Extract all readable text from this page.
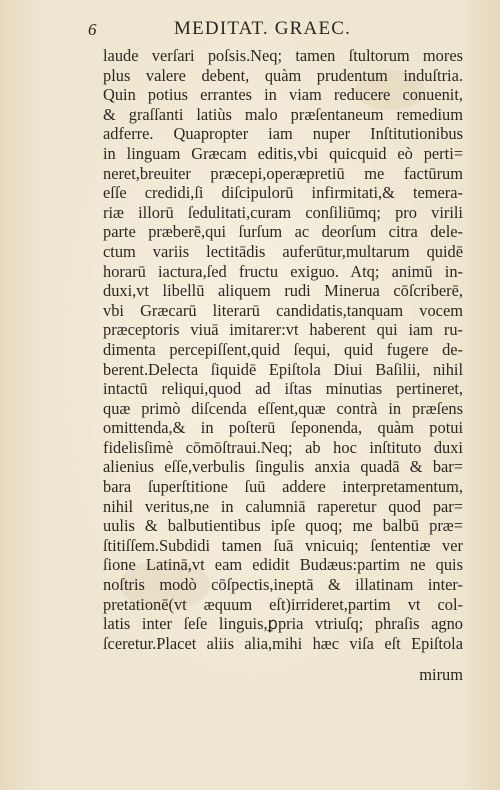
6	MEDITAT. GRAEC.
laude verſari poſsis.Neq; tamen ſtultorum mores
plus valere debent, quàm prudentum induſtria.
Quin potius errantes in viam reducere conuenit,
& graſſanti latiùs malo præſentaneum remedium
adferre. Quapropter iam nuper Inſtitutionibus
in linguam Græcam editis,vbi quicquid eò perti=
neret,breuiter præcepi,operæpretiū me factūrum
eſſe credidi,ſi diſcipulorū infirmitati,& temera-
riæ illorū ſedulitati,curam conſiliūmq; pro virili
parte præberē,qui ſurſum ac deorſum citra dele-
ctum variis lectitādis auferūtur,multarum quidē
horarū iactura,ſed fructu exiguo. Atq; animū in-
duxi,vt libellū aliquem rudi Mineruа cōſcriberē,
vbi Græcarū literarū candidatis,tanquam vocem
præceptoris viuā imitarer:vt haberent qui iam ru-
dimenta percepiſſent,quid ſequi, quid fugere de-
berent.Delecta ſiquidē Epiſtola Diui Baſilii, nihil
intactū reliqui,quod ad iſtas minutias pertineret,
quæ primò diſcenda eſſent,quæ contrà in præſens
omittenda,& in poſterū ſeponenda, quàm potui
fidelisſimè cōmōſtraui.Neq; ab hoc inſtituto duxi
alienius eſſe,verbulis ſingulis anxia quadā & bar=
bara ſuperſtitione ſuū addere interpretamentum,
nihil veritus,ne in calumniā raperetur quod par=
uulis & balbutientibus ipſe quoq; me balbū præ=
ſtitiſſem.Subdidi tamen ſuā vnicuiq; ſententiæ ver
ſione Latinā,vt eam edidit Budæus:partim ne quis
noſtris modò cōſpectis,ineptā & illatinam inter-
pretationē(vt æquum eſt)irrideret,partim vt col-
latis inter ſeſe linguis,ꝑpria vtriuſq; phraſis agno
ſceretur.Placet aliis alia,mihi hæc viſa eſt Epiſtola
mirum
